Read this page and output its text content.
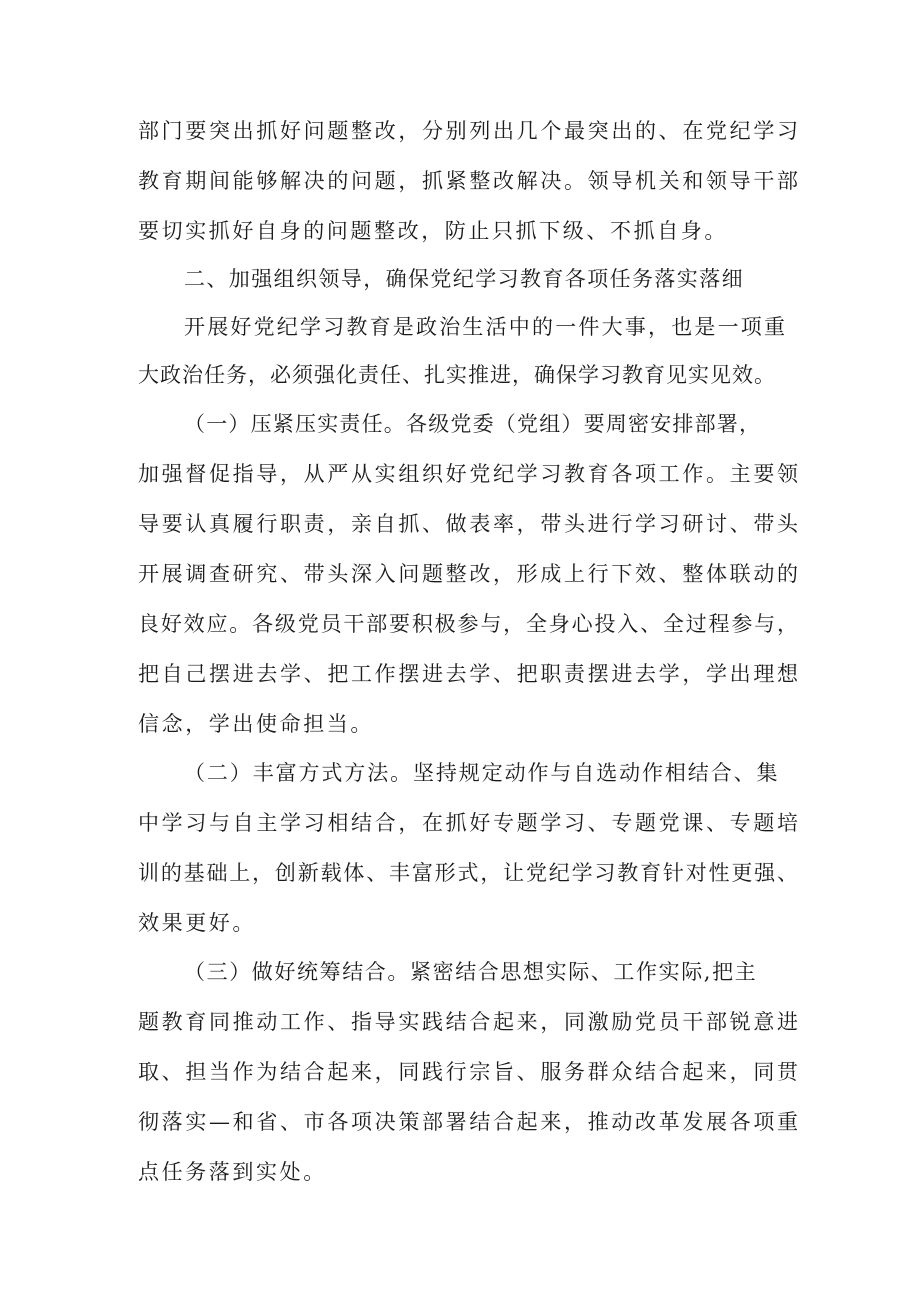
部门要突出抓好问题整改，分别列出几个最突出的、在党纪学习
教育期间能够解决的问题，抓紧整改解决。领导机关和领导干部
要切实抓好自身的问题整改，防止只抓下级、不抓自身。
二、加强组织领导，确保党纪学习教育各项任务落实落细
开展好党纪学习教育是政治生活中的一件大事，也是一项重
大政治任务，必须强化责任、扎实推进，确保学习教育见实见效。
（一）压紧压实责任。各级党委（党组）要周密安排部署，
加强督促指导，从严从实组织好党纪学习教育各项工作。主要领
导要认真履行职责，亲自抓、做表率，带头进行学习研讨、带头
开展调查研究、带头深入问题整改，形成上行下效、整体联动的
良好效应。各级党员干部要积极参与，全身心投入、全过程参与，
把自己摆进去学、把工作摆进去学、把职责摆进去学，学出理想
信念，学出使命担当。
（二）丰富方式方法。坚持规定动作与自选动作相结合、集
中学习与自主学习相结合，在抓好专题学习、专题党课、专题培
训的基础上，创新载体、丰富形式，让党纪学习教育针对性更强、
效果更好。
（三）做好统筹结合。紧密结合思想实际、工作实际,把主
题教育同推动工作、指导实践结合起来，同激励党员干部锐意进
取、担当作为结合起来，同践行宗旨、服务群众结合起来，同贯
彻落实—和省、市各项决策部署结合起来，推动改革发展各项重
点任务落到实处。
